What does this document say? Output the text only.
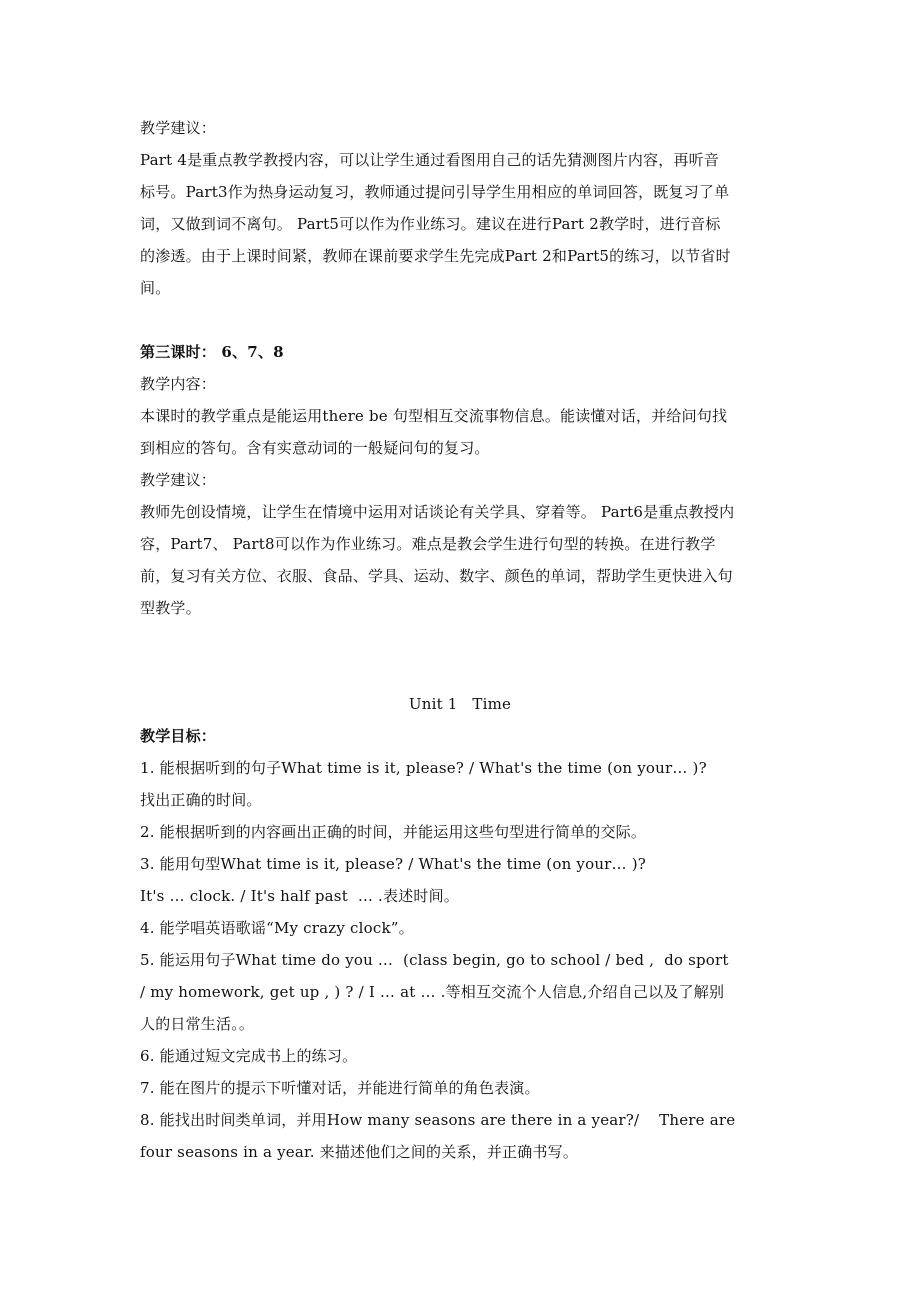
教学建议：
Part 4是重点教学教授内容，可以让学生通过看图用自己的话先猜测图片内容，再听音
标号。Part3作为热身运动复习，教师通过提问引导学生用相应的单词回答，既复习了单
词，又做到词不离句。 Part5可以作为作业练习。建议在进行Part 2教学时，进行音标
的渗透。由于上课时间紧，教师在课前要求学生先完成Part 2和Part5的练习，以节省时
间。
第三课时： 6、7、8
教学内容：
本课时的教学重点是能运用there be 句型相互交流事物信息。能读懂对话，并给问句找
到相应的答句。含有实意动词的一般疑问句的复习。
教学建议：
教师先创设情境，让学生在情境中运用对话谈论有关学具、穿着等。 Part6是重点教授内
容，Part7、 Part8可以作为作业练习。难点是教会学生进行句型的转换。在进行教学
前，复习有关方位、衣服、食品、学具、运动、数字、颜色的单词，帮助学生更快进入句
型教学。
Unit 1   Time
教学目标：
1. 能根据听到的句子What time is it, please? / What's the time (on your… )?
找出正确的时间。
2. 能根据听到的内容画出正确的时间，并能运用这些句型进行简单的交际。
3. 能用句型What time is it, please? / What's the time (on your… )?
It's … clock. / It's half past  … .表述时间。
4. 能学唱英语歌谣“My crazy clock”。
5. 能运用句子What time do you …  (class begin, go to school / bed ,  do sport
/ my homework, get up , ) ? / I … at … .等相互交流个人信息,介绍自己以及了解别
人的日常生活。。
6. 能通过短文完成书上的练习。
7. 能在图片的提示下听懂对话，并能进行简单的角色表演。
8. 能找出时间类单词，并用How many seasons are there in a year?/    There are
four seasons in a year. 来描述他们之间的关系，并正确书写。
